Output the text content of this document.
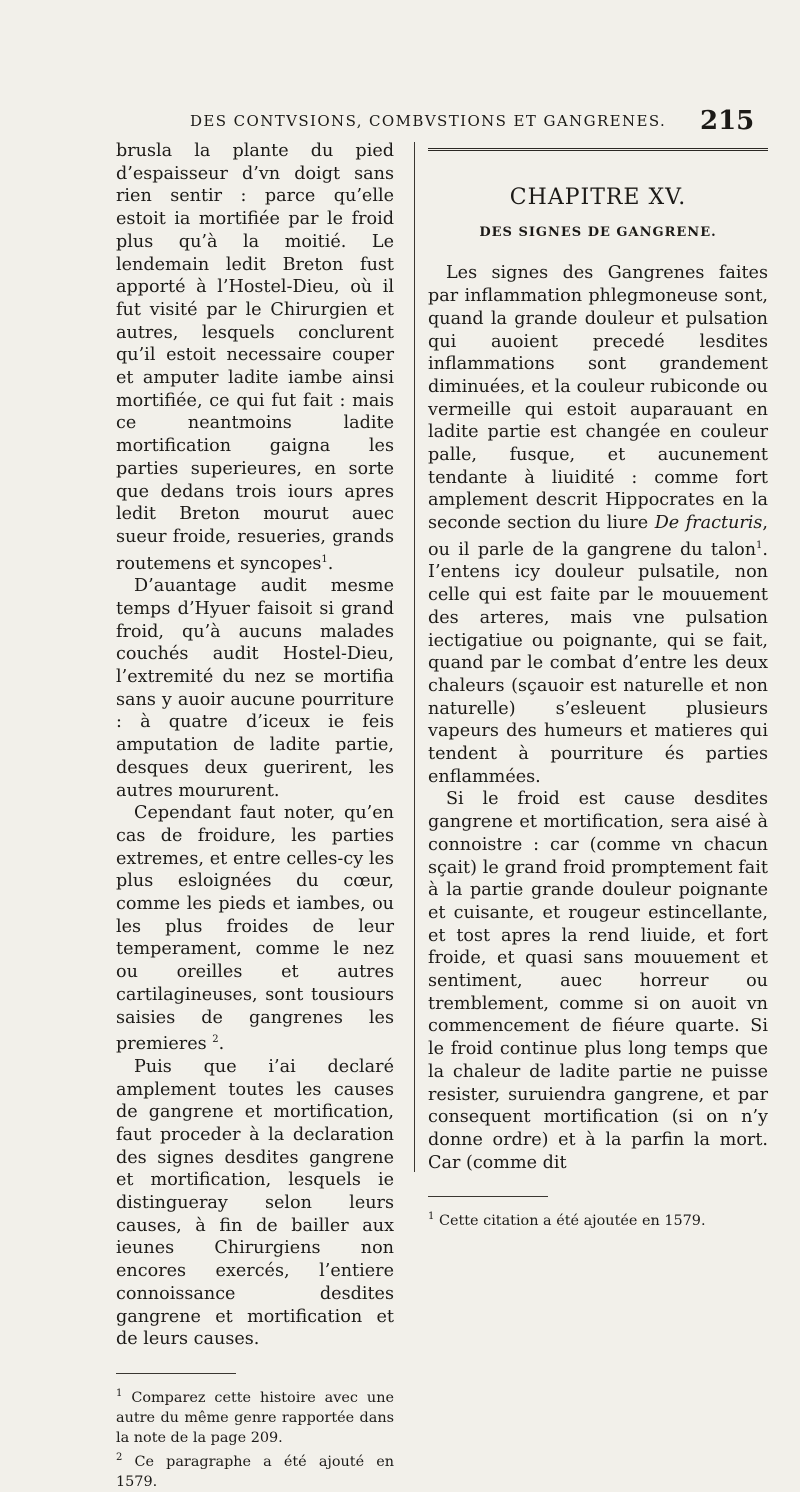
DES CONTVSIONS, COMBVSTIONS ET GANGRENES. 215

brusla la plante du pied d’espaisseur d’vn doigt sans rien sentir : parce qu’elle estoit ia mortifiée par le froid plus qu’à la moitié. Le lendemain ledit Breton fust apporté à l’Hostel-Dieu, où il fut visité par le Chirurgien et autres, lesquels conclurent qu’il estoit necessaire couper et amputer ladite iambe ainsi mortifiée, ce qui fut fait : mais ce neantmoins ladite mortification gaigna les parties superieures, en sorte que dedans trois iours apres ledit Breton mourut auec sueur froide, resueries, grands routemens et syncopes$^1$.

D’auantage audit mesme temps d’Hyuer faisoit si grand froid, qu’à aucuns malades couchés audit Hostel-Dieu, l’extremité du nez se mortifia sans y auoir aucune pourriture : à quatre d’iceux ie feis amputation de ladite partie, desques deux guerirent, les autres moururent.

Cependant faut noter, qu’en cas de froidure, les parties extremes, et entre celles-cy les plus esloignées du cœur, comme les pieds et iambes, ou les plus froides de leur temperament, comme le nez ou oreilles et autres cartilagineuses, sont tousiours saisies de gangrenes les premieres $^2$.

Puis que i’ai declaré amplement toutes les causes de gangrene et mortification, faut proceder à la declaration des signes desdites gangrene et mortification, lesquels ie distingueray selon leurs causes, à fin de bailler aux ieunes Chirurgiens non encores exercés, l’entiere connoissance desdites gangrene et mortification et de leurs causes.

$^1$ Comparez cette histoire avec une autre du même genre rapportée dans la note de la page 209.

$^2$ Ce paragraphe a été ajouté en 1579.

CHAPITRE XV.
DES SIGNES DE GANGRENE.

Les signes des Gangrenes faites par inflammation phlegmoneuse sont, quand la grande douleur et pulsation qui auoient precedé lesdites inflammations sont grandement diminuées, et la couleur rubiconde ou vermeille qui estoit auparauant en ladite partie est changée en couleur palle, fusque, et aucunement tendante à liuidité : comme fort amplement descrit Hippocrates en la seconde section du liure De fracturis, ou il parle de la gangrene du talon$^1$. I’entens icy douleur pulsatile, non celle qui est faite par le mouuement des arteres, mais vne pulsation iectigatiue ou poignante, qui se fait, quand par le combat d’entre les deux chaleurs (sçauoir est naturelle et non naturelle) s’esleuent plusieurs vapeurs des humeurs et matieres qui tendent à pourriture és parties enflammées.

Si le froid est cause desdites gangrene et mortification, sera aisé à connoistre : car (comme vn chacun sçait) le grand froid promptement fait à la partie grande douleur poignante et cuisante, et rougeur estincellante, et tost apres la rend liuide, et fort froide, et quasi sans mouuement et sentiment, auec horreur ou tremblement, comme si on auoit vn commencement de fiéure quarte. Si le froid continue plus long temps que la chaleur de ladite partie ne puisse resister, suruiendra gangrene, et par consequent mortification (si on n’y donne ordre) et à la parfin la mort. Car (comme dit

$^1$ Cette citation a été ajoutée en 1579.
